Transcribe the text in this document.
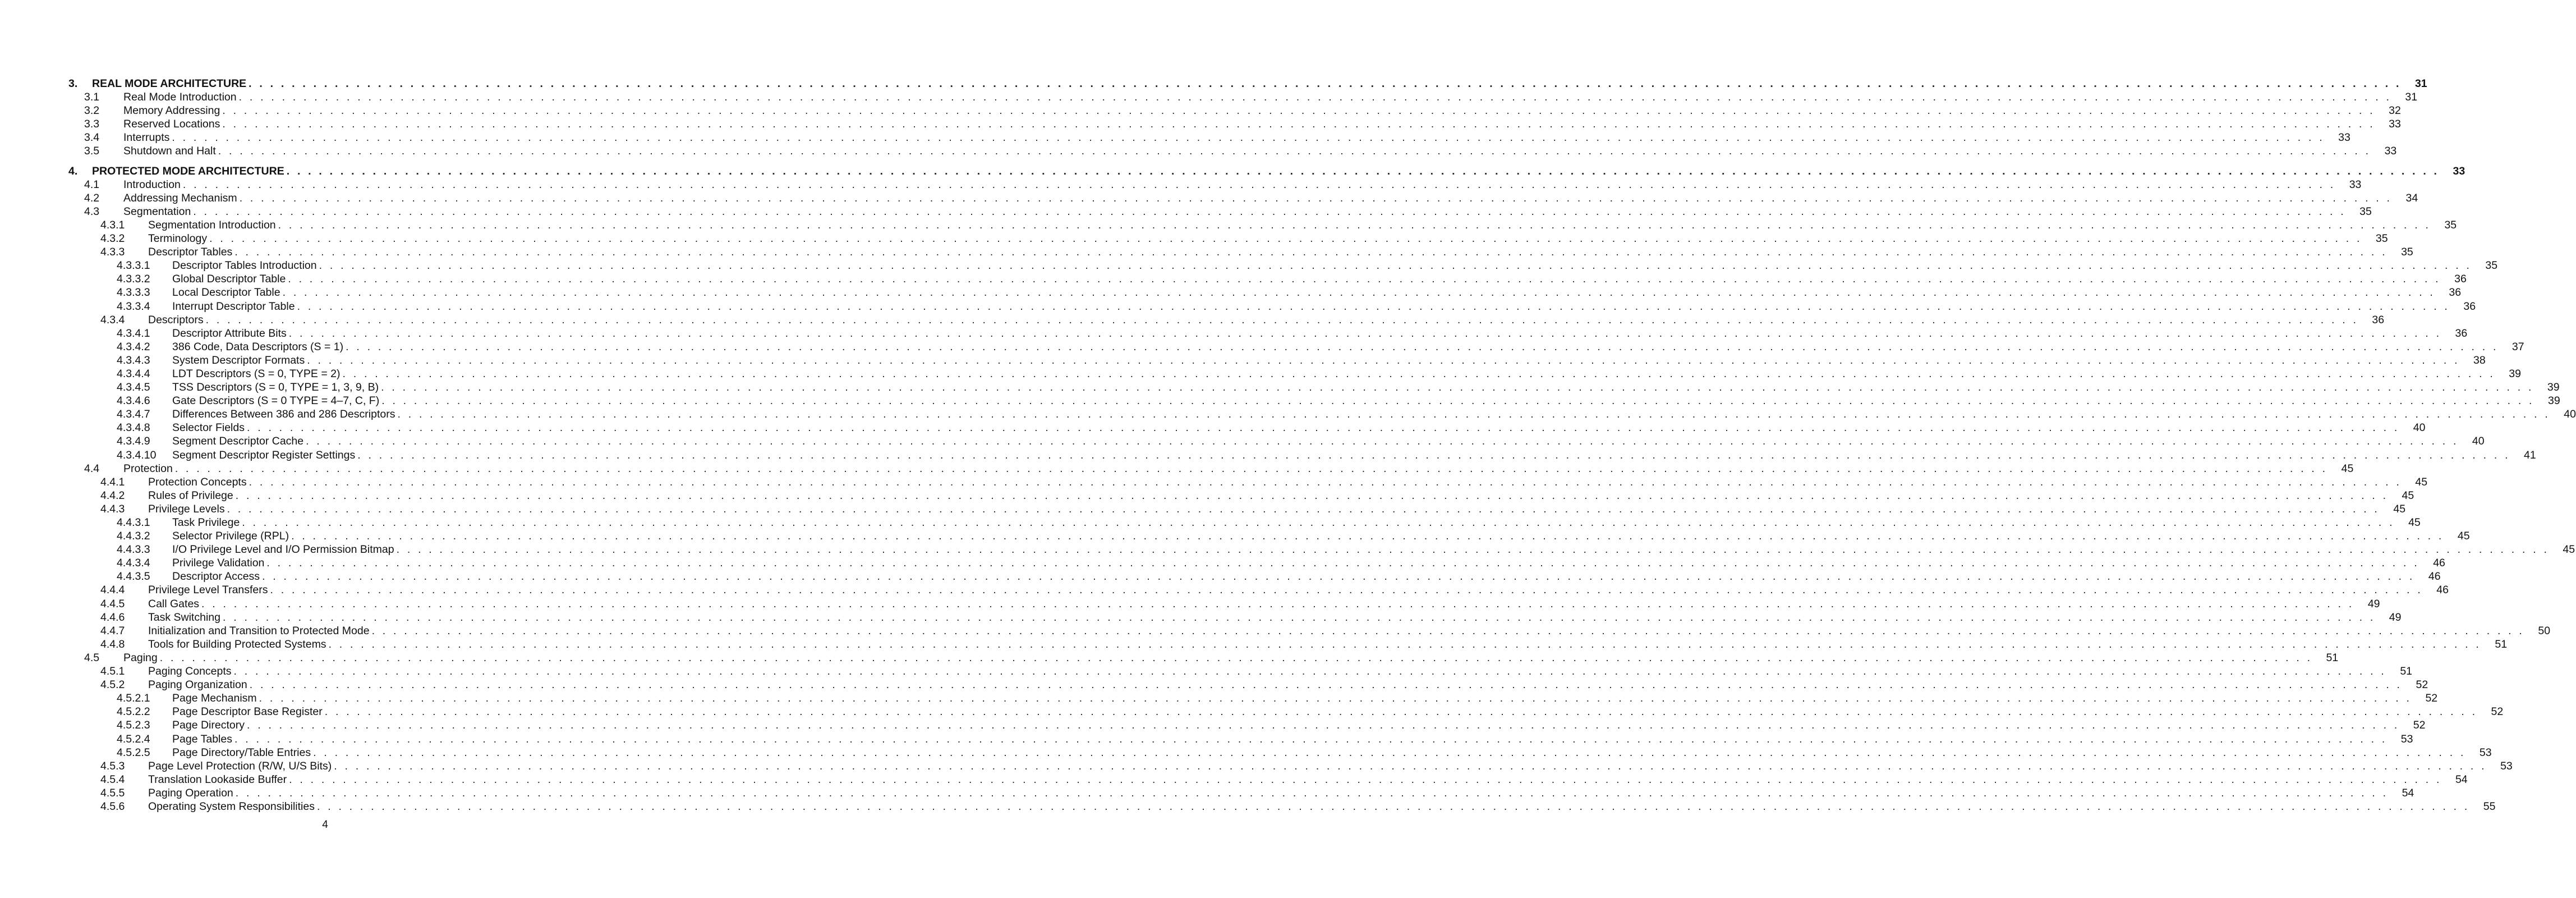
3. REAL MODE ARCHITECTURE . . . . . . . . . . . . . . . . . . . . . . . . . . . . . . . . . . . . . . . . . . . . . . . . . . . . . . . . . . . . . . . . . . . . . . . . . . . . . . . . . . . . . . . . . . . . . . . . . . . . . . . . . . . . . . . . . . . . . . . . . . . . . . . . . . . . . . . . . . . . . . . . . . . . . . . . . . . . . . . . . . . . . . . . . . . . . . . . . . . . . . . . . . . . . . . . . . . . . . . .	31
3.1 Real Mode Introduction . . . . . . . . . . . . . . . . . . . . . . . . . . . . . . . . . . . . . . . . . . . . . . . . . . . . . . . . . . . . . . . . . . . . . . . . . . . . . . . . . . . . . . . . . . . . . . . . . . . . . . . . . . . . . . . . . . . . . . . . . . . . . . . . . . . . . . . . . . . . . . . . . . . . . . . . . . . . . . . . . . . . . . . . . . . . . . . . . . . . . . . . . . . . . . . . . . . . . . . .	31
3.2 Memory Addressing . . . . . . . . . . . . . . . . . . . . . . . . . . . . . . . . . . . . . . . . . . . . . . . . . . . . . . . . . . . . . . . . . . . . . . . . . . . . . . . . . . . . . . . . . . . . . . . . . . . . . . . . . . . . . . . . . . . . . . . . . . . . . . . . . . . . . . . . . . . . . . . . . . . . . . . . . . . . . . . . . . . . . . . . . . . . . . . . . . . . . . . . . . . . . . . . . . . . . . . .	32
3.3 Reserved Locations . . . . . . . . . . . . . . . . . . . . . . . . . . . . . . . . . . . . . . . . . . . . . . . . . . . . . . . . . . . . . . . . . . . . . . . . . . . . . . . . . . . . . . . . . . . . . . . . . . . . . . . . . . . . . . . . . . . . . . . . . . . . . . . . . . . . . . . . . . . . . . . . . . . . . . . . . . . . . . . . . . . . . . . . . . . . . . . . . . . . . . . . . . . . . . . . . . . . . . . .	33
3.4 Interrupts . . . . . . . . . . . . . . . . . . . . . . . . . . . . . . . . . . . . . . . . . . . . . . . . . . . . . . . . . . . . . . . . . . . . . . . . . . . . . . . . . . . . . . . . . . . . . . . . . . . . . . . . . . . . . . . . . . . . . . . . . . . . . . . . . . . . . . . . . . . . . . . . . . . . . . . . . . . . . . . . . . . . . . . . . . . . . . . . . . . . . . . . . . . . . . . . . . . . . . . .	33
3.5 Shutdown and Halt . . . . . . . . . . . . . . . . . . . . . . . . . . . . . . . . . . . . . . . . . . . . . . . . . . . . . . . . . . . . . . . . . . . . . . . . . . . . . . . . . . . . . . . . . . . . . . . . . . . . . . . . . . . . . . . . . . . . . . . . . . . . . . . . . . . . . . . . . . . . . . . . . . . . . . . . . . . . . . . . . . . . . . . . . . . . . . . . . . . . . . . . . . . . . . . . . . . . . . . .	33
4. PROTECTED MODE ARCHITECTURE . . . . . . . . . . . . . . . . . . . . . . . . . . . . . . . . . . . . . . . . . . . . . . . . . . . . . . . . . . . . . . . . . . . . . . . . . . . . . . . . . . . . . . . . . . . . . . . . . . . . . . . . . . . . . . . . . . . . . . . . . . . . . . . . . . . . . . . . . . . . . . . . . . . . . . . . . . . . . . . . . . . . . . . . . . . . . . . . . . . . . . . . . . . . . . . . . . . . . . . .	33
4.1 Introduction . . . . . . . . . . . . . . . . . . . . . . . . . . . . . . . . . . . . . . . . . . . . . . . . . . . . . . . . . . . . . . . . . . . . . . . . . . . . . . . . . . . . . . . . . . . . . . . . . . . . . . . . . . . . . . . . . . . . . . . . . . . . . . . . . . . . . . . . . . . . . . . . . . . . . . . . . . . . . . . . . . . . . . . . . . . . . . . . . . . . . . . . . . . . . . . . . . . . . . . .	33
4.2 Addressing Mechanism . . . . . . . . . . . . . . . . . . . . . . . . . . . . . . . . . . . . . . . . . . . . . . . . . . . . . . . . . . . . . . . . . . . . . . . . . . . . . . . . . . . . . . . . . . . . . . . . . . . . . . . . . . . . . . . . . . . . . . . . . . . . . . . . . . . . . . . . . . . . . . . . . . . . . . . . . . . . . . . . . . . . . . . . . . . . . . . . . . . . . . . . . . . . . . . . . . . . . . . .	34
4.3 Segmentation . . . . . . . . . . . . . . . . . . . . . . . . . . . . . . . . . . . . . . . . . . . . . . . . . . . . . . . . . . . . . . . . . . . . . . . . . . . . . . . . . . . . . . . . . . . . . . . . . . . . . . . . . . . . . . . . . . . . . . . . . . . . . . . . . . . . . . . . . . . . . . . . . . . . . . . . . . . . . . . . . . . . . . . . . . . . . . . . . . . . . . . . . . . . . . . . . . . . . . . .	35
4.3.1 Segmentation Introduction . . . . . . . . . . . . . . . . . . . . . . . . . . . . . . . . . . . . . . . . . . . . . . . . . . . . . . . . . . . . . . . . . . . . . . . . . . . . . . . . . . . . . . . . . . . . . . . . . . . . . . . . . . . . . . . . . . . . . . . . . . . . . . . . . . . . . . . . . . . . . . . . . . . . . . . . . . . . . . . . . . . . . . . . . . . . . . . . . . . . . . . . . . . . . . . . . . . . . . . .	35
4.3.2 Terminology . . . . . . . . . . . . . . . . . . . . . . . . . . . . . . . . . . . . . . . . . . . . . . . . . . . . . . . . . . . . . . . . . . . . . . . . . . . . . . . . . . . . . . . . . . . . . . . . . . . . . . . . . . . . . . . . . . . . . . . . . . . . . . . . . . . . . . . . . . . . . . . . . . . . . . . . . . . . . . . . . . . . . . . . . . . . . . . . . . . . . . . . . . . . . . . . . . . . . . . .	35
4.3.3 Descriptor Tables . . . . . . . . . . . . . . . . . . . . . . . . . . . . . . . . . . . . . . . . . . . . . . . . . . . . . . . . . . . . . . . . . . . . . . . . . . . . . . . . . . . . . . . . . . . . . . . . . . . . . . . . . . . . . . . . . . . . . . . . . . . . . . . . . . . . . . . . . . . . . . . . . . . . . . . . . . . . . . . . . . . . . . . . . . . . . . . . . . . . . . . . . . . . . . . . . . . . . . . .	35
4.3.3.1 Descriptor Tables Introduction . . . . . . . . . . . . . . . . . . . . . . . . . . . . . . . . . . . . . . . . . . . . . . . . . . . . . . . . . . . . . . . . . . . . . . . . . . . . . . . . . . . . . . . . . . . . . . . . . . . . . . . . . . . . . . . . . . . . . . . . . . . . . . . . . . . . . . . . . . . . . . . . . . . . . . . . . . . . . . . . . . . . . . . . . . . . . . . . . . . . . . . . . . . . . . . . . . . . . . . .	35
4.3.3.2 Global Descriptor Table . . . . . . . . . . . . . . . . . . . . . . . . . . . . . . . . . . . . . . . . . . . . . . . . . . . . . . . . . . . . . . . . . . . . . . . . . . . . . . . . . . . . . . . . . . . . . . . . . . . . . . . . . . . . . . . . . . . . . . . . . . . . . . . . . . . . . . . . . . . . . . . . . . . . . . . . . . . . . . . . . . . . . . . . . . . . . . . . . . . . . . . . . . . . . . . . . . . . . . . .	36
4.3.3.3 Local Descriptor Table . . . . . . . . . . . . . . . . . . . . . . . . . . . . . . . . . . . . . . . . . . . . . . . . . . . . . . . . . . . . . . . . . . . . . . . . . . . . . . . . . . . . . . . . . . . . . . . . . . . . . . . . . . . . . . . . . . . . . . . . . . . . . . . . . . . . . . . . . . . . . . . . . . . . . . . . . . . . . . . . . . . . . . . . . . . . . . . . . . . . . . . . . . . . . . . . . . . . . . . .	36
4.3.3.4 Interrupt Descriptor Table . . . . . . . . . . . . . . . . . . . . . . . . . . . . . . . . . . . . . . . . . . . . . . . . . . . . . . . . . . . . . . . . . . . . . . . . . . . . . . . . . . . . . . . . . . . . . . . . . . . . . . . . . . . . . . . . . . . . . . . . . . . . . . . . . . . . . . . . . . . . . . . . . . . . . . . . . . . . . . . . . . . . . . . . . . . . . . . . . . . . . . . . . . . . . . . . . . . . . . . .	36
4.3.4 Descriptors . . . . . . . . . . . . . . . . . . . . . . . . . . . . . . . . . . . . . . . . . . . . . . . . . . . . . . . . . . . . . . . . . . . . . . . . . . . . . . . . . . . . . . . . . . . . . . . . . . . . . . . . . . . . . . . . . . . . . . . . . . . . . . . . . . . . . . . . . . . . . . . . . . . . . . . . . . . . . . . . . . . . . . . . . . . . . . . . . . . . . . . . . . . . . . . . . . . . . . . .	36
4.3.4.1 Descriptor Attribute Bits . . . . . . . . . . . . . . . . . . . . . . . . . . . . . . . . . . . . . . . . . . . . . . . . . . . . . . . . . . . . . . . . . . . . . . . . . . . . . . . . . . . . . . . . . . . . . . . . . . . . . . . . . . . . . . . . . . . . . . . . . . . . . . . . . . . . . . . . . . . . . . . . . . . . . . . . . . . . . . . . . . . . . . . . . . . . . . . . . . . . . . . . . . . . . . . . . . . . . . . .	36
4.3.4.2 386 Code, Data Descriptors (S = 1) . . . . . . . . . . . . . . . . . . . . . . . . . . . . . . . . . . . . . . . . . . . . . . . . . . . . . . . . . . . . . . . . . . . . . . . . . . . . . . . . . . . . . . . . . . . . . . . . . . . . . . . . . . . . . . . . . . . . . . . . . . . . . . . . . . . . . . . . . . . . . . . . . . . . . . . . . . . . . . . . . . . . . . . . . . . . . . . . . . . . . . . . . . . . . . . . . . . . . . . .	37
4.3.4.3 System Descriptor Formats . . . . . . . . . . . . . . . . . . . . . . . . . . . . . . . . . . . . . . . . . . . . . . . . . . . . . . . . . . . . . . . . . . . . . . . . . . . . . . . . . . . . . . . . . . . . . . . . . . . . . . . . . . . . . . . . . . . . . . . . . . . . . . . . . . . . . . . . . . . . . . . . . . . . . . . . . . . . . . . . . . . . . . . . . . . . . . . . . . . . . . . . . . . . . . . . . . . . . . . .	38
4.3.4.4 LDT Descriptors (S = 0, TYPE = 2) . . . . . . . . . . . . . . . . . . . . . . . . . . . . . . . . . . . . . . . . . . . . . . . . . . . . . . . . . . . . . . . . . . . . . . . . . . . . . . . . . . . . . . . . . . . . . . . . . . . . . . . . . . . . . . . . . . . . . . . . . . . . . . . . . . . . . . . . . . . . . . . . . . . . . . . . . . . . . . . . . . . . . . . . . . . . . . . . . . . . . . . . . . . . . . . . . . . . . . . .	39
4.3.4.5 TSS Descriptors (S = 0, TYPE = 1, 3, 9, B) . . . . . . . . . . . . . . . . . . . . . . . . . . . . . . . . . . . . . . . . . . . . . . . . . . . . . . . . . . . . . . . . . . . . . . . . . . . . . . . . . . . . . . . . . . . . . . . . . . . . . . . . . . . . . . . . . . . . . . . . . . . . . . . . . . . . . . . . . . . . . . . . . . . . . . . . . . . . . . . . . . . . . . . . . . . . . . . . . . . . . . . . . . . . . . . . . . . . . . . .	39
4.3.4.6 Gate Descriptors (S = 0 TYPE = 4–7, C, F) . . . . . . . . . . . . . . . . . . . . . . . . . . . . . . . . . . . . . . . . . . . . . . . . . . . . . . . . . . . . . . . . . . . . . . . . . . . . . . . . . . . . . . . . . . . . . . . . . . . . . . . . . . . . . . . . . . . . . . . . . . . . . . . . . . . . . . . . . . . . . . . . . . . . . . . . . . . . . . . . . . . . . . . . . . . . . . . . . . . . . . . . . . . . . . . . . . . . . . . .	39
4.3.4.7 Differences Between 386 and 286 Descriptors . . . . . . . . . . . . . . . . . . . . . . . . . . . . . . . . . . . . . . . . . . . . . . . . . . . . . . . . . . . . . . . . . . . . . . . . . . . . . . . . . . . . . . . . . . . . . . . . . . . . . . . . . . . . . . . . . . . . . . . . . . . . . . . . . . . . . . . . . . . . . . . . . . . . . . . . . . . . . . . . . . . . . . . . . . . . . . . . . . . . . . . . . . . . . . . . . . . . . . . .	40
4.3.4.8 Selector Fields . . . . . . . . . . . . . . . . . . . . . . . . . . . . . . . . . . . . . . . . . . . . . . . . . . . . . . . . . . . . . . . . . . . . . . . . . . . . . . . . . . . . . . . . . . . . . . . . . . . . . . . . . . . . . . . . . . . . . . . . . . . . . . . . . . . . . . . . . . . . . . . . . . . . . . . . . . . . . . . . . . . . . . . . . . . . . . . . . . . . . . . . . . . . . . . . . . . . . . . .	40
4.3.4.9 Segment Descriptor Cache . . . . . . . . . . . . . . . . . . . . . . . . . . . . . . . . . . . . . . . . . . . . . . . . . . . . . . . . . . . . . . . . . . . . . . . . . . . . . . . . . . . . . . . . . . . . . . . . . . . . . . . . . . . . . . . . . . . . . . . . . . . . . . . . . . . . . . . . . . . . . . . . . . . . . . . . . . . . . . . . . . . . . . . . . . . . . . . . . . . . . . . . . . . . . . . . . . . . . . . .	40
4.3.4.10 Segment Descriptor Register Settings . . . . . . . . . . . . . . . . . . . . . . . . . . . . . . . . . . . . . . . . . . . . . . . . . . . . . . . . . . . . . . . . . . . . . . . . . . . . . . . . . . . . . . . . . . . . . . . . . . . . . . . . . . . . . . . . . . . . . . . . . . . . . . . . . . . . . . . . . . . . . . . . . . . . . . . . . . . . . . . . . . . . . . . . . . . . . . . . . . . . . . . . . . . . . . . . . . . . . . . .	41
4.4 Protection . . . . . . . . . . . . . . . . . . . . . . . . . . . . . . . . . . . . . . . . . . . . . . . . . . . . . . . . . . . . . . . . . . . . . . . . . . . . . . . . . . . . . . . . . . . . . . . . . . . . . . . . . . . . . . . . . . . . . . . . . . . . . . . . . . . . . . . . . . . . . . . . . . . . . . . . . . . . . . . . . . . . . . . . . . . . . . . . . . . . . . . . . . . . . . . . . . . . . . . .	45
4.4.1 Protection Concepts . . . . . . . . . . . . . . . . . . . . . . . . . . . . . . . . . . . . . . . . . . . . . . . . . . . . . . . . . . . . . . . . . . . . . . . . . . . . . . . . . . . . . . . . . . . . . . . . . . . . . . . . . . . . . . . . . . . . . . . . . . . . . . . . . . . . . . . . . . . . . . . . . . . . . . . . . . . . . . . . . . . . . . . . . . . . . . . . . . . . . . . . . . . . . . . . . . . . . . . .	45
4.4.2 Rules of Privilege . . . . . . . . . . . . . . . . . . . . . . . . . . . . . . . . . . . . . . . . . . . . . . . . . . . . . . . . . . . . . . . . . . . . . . . . . . . . . . . . . . . . . . . . . . . . . . . . . . . . . . . . . . . . . . . . . . . . . . . . . . . . . . . . . . . . . . . . . . . . . . . . . . . . . . . . . . . . . . . . . . . . . . . . . . . . . . . . . . . . . . . . . . . . . . . . . . . . . . . .	45
4.4.3 Privilege Levels . . . . . . . . . . . . . . . . . . . . . . . . . . . . . . . . . . . . . . . . . . . . . . . . . . . . . . . . . . . . . . . . . . . . . . . . . . . . . . . . . . . . . . . . . . . . . . . . . . . . . . . . . . . . . . . . . . . . . . . . . . . . . . . . . . . . . . . . . . . . . . . . . . . . . . . . . . . . . . . . . . . . . . . . . . . . . . . . . . . . . . . . . . . . . . . . . . . . . . . .	45
4.4.3.1 Task Privilege . . . . . . . . . . . . . . . . . . . . . . . . . . . . . . . . . . . . . . . . . . . . . . . . . . . . . . . . . . . . . . . . . . . . . . . . . . . . . . . . . . . . . . . . . . . . . . . . . . . . . . . . . . . . . . . . . . . . . . . . . . . . . . . . . . . . . . . . . . . . . . . . . . . . . . . . . . . . . . . . . . . . . . . . . . . . . . . . . . . . . . . . . . . . . . . . . . . . . . . .	45
4.4.3.2 Selector Privilege (RPL) . . . . . . . . . . . . . . . . . . . . . . . . . . . . . . . . . . . . . . . . . . . . . . . . . . . . . . . . . . . . . . . . . . . . . . . . . . . . . . . . . . . . . . . . . . . . . . . . . . . . . . . . . . . . . . . . . . . . . . . . . . . . . . . . . . . . . . . . . . . . . . . . . . . . . . . . . . . . . . . . . . . . . . . . . . . . . . . . . . . . . . . . . . . . . . . . . . . . . . . .	45
4.4.3.3 I/O Privilege Level and I/O Permission Bitmap . . . . . . . . . . . . . . . . . . . . . . . . . . . . . . . . . . . . . . . . . . . . . . . . . . . . . . . . . . . . . . . . . . . . . . . . . . . . . . . . . . . . . . . . . . . . . . . . . . . . . . . . . . . . . . . . . . . . . . . . . . . . . . . . . . . . . . . . . . . . . . . . . . . . . . . . . . . . . . . . . . . . . . . . . . . . . . . . . . . . . . . . . . . . . . . . . . . . . . . .	45
4.4.3.4 Privilege Validation . . . . . . . . . . . . . . . . . . . . . . . . . . . . . . . . . . . . . . . . . . . . . . . . . . . . . . . . . . . . . . . . . . . . . . . . . . . . . . . . . . . . . . . . . . . . . . . . . . . . . . . . . . . . . . . . . . . . . . . . . . . . . . . . . . . . . . . . . . . . . . . . . . . . . . . . . . . . . . . . . . . . . . . . . . . . . . . . . . . . . . . . . . . . . . . . . . . . . . . .	46
4.4.3.5 Descriptor Access . . . . . . . . . . . . . . . . . . . . . . . . . . . . . . . . . . . . . . . . . . . . . . . . . . . . . . . . . . . . . . . . . . . . . . . . . . . . . . . . . . . . . . . . . . . . . . . . . . . . . . . . . . . . . . . . . . . . . . . . . . . . . . . . . . . . . . . . . . . . . . . . . . . . . . . . . . . . . . . . . . . . . . . . . . . . . . . . . . . . . . . . . . . . . . . . . . . . . . . .	46
4.4.4 Privilege Level Transfers . . . . . . . . . . . . . . . . . . . . . . . . . . . . . . . . . . . . . . . . . . . . . . . . . . . . . . . . . . . . . . . . . . . . . . . . . . . . . . . . . . . . . . . . . . . . . . . . . . . . . . . . . . . . . . . . . . . . . . . . . . . . . . . . . . . . . . . . . . . . . . . . . . . . . . . . . . . . . . . . . . . . . . . . . . . . . . . . . . . . . . . . . . . . . . . . . . . . . . . .	46
4.4.5 Call Gates . . . . . . . . . . . . . . . . . . . . . . . . . . . . . . . . . . . . . . . . . . . . . . . . . . . . . . . . . . . . . . . . . . . . . . . . . . . . . . . . . . . . . . . . . . . . . . . . . . . . . . . . . . . . . . . . . . . . . . . . . . . . . . . . . . . . . . . . . . . . . . . . . . . . . . . . . . . . . . . . . . . . . . . . . . . . . . . . . . . . . . . . . . . . . . . . . . . . . . . .	49
4.4.6 Task Switching . . . . . . . . . . . . . . . . . . . . . . . . . . . . . . . . . . . . . . . . . . . . . . . . . . . . . . . . . . . . . . . . . . . . . . . . . . . . . . . . . . . . . . . . . . . . . . . . . . . . . . . . . . . . . . . . . . . . . . . . . . . . . . . . . . . . . . . . . . . . . . . . . . . . . . . . . . . . . . . . . . . . . . . . . . . . . . . . . . . . . . . . . . . . . . . . . . . . . . . .	49
4.4.7 Initialization and Transition to Protected Mode . . . . . . . . . . . . . . . . . . . . . . . . . . . . . . . . . . . . . . . . . . . . . . . . . . . . . . . . . . . . . . . . . . . . . . . . . . . . . . . . . . . . . . . . . . . . . . . . . . . . . . . . . . . . . . . . . . . . . . . . . . . . . . . . . . . . . . . . . . . . . . . . . . . . . . . . . . . . . . . . . . . . . . . . . . . . . . . . . . . . . . . . . . . . . . . . . . . . . . . .	50
4.4.8 Tools for Building Protected Systems . . . . . . . . . . . . . . . . . . . . . . . . . . . . . . . . . . . . . . . . . . . . . . . . . . . . . . . . . . . . . . . . . . . . . . . . . . . . . . . . . . . . . . . . . . . . . . . . . . . . . . . . . . . . . . . . . . . . . . . . . . . . . . . . . . . . . . . . . . . . . . . . . . . . . . . . . . . . . . . . . . . . . . . . . . . . . . . . . . . . . . . . . . . . . . . . . . . . . . . .	51
4.5 Paging . . . . . . . . . . . . . . . . . . . . . . . . . . . . . . . . . . . . . . . . . . . . . . . . . . . . . . . . . . . . . . . . . . . . . . . . . . . . . . . . . . . . . . . . . . . . . . . . . . . . . . . . . . . . . . . . . . . . . . . . . . . . . . . . . . . . . . . . . . . . . . . . . . . . . . . . . . . . . . . . . . . . . . . . . . . . . . . . . . . . . . . . . . . . . . . . . . . . . . . .	51
4.5.1 Paging Concepts . . . . . . . . . . . . . . . . . . . . . . . . . . . . . . . . . . . . . . . . . . . . . . . . . . . . . . . . . . . . . . . . . . . . . . . . . . . . . . . . . . . . . . . . . . . . . . . . . . . . . . . . . . . . . . . . . . . . . . . . . . . . . . . . . . . . . . . . . . . . . . . . . . . . . . . . . . . . . . . . . . . . . . . . . . . . . . . . . . . . . . . . . . . . . . . . . . . . . . . .	51
4.5.2 Paging Organization . . . . . . . . . . . . . . . . . . . . . . . . . . . . . . . . . . . . . . . . . . . . . . . . . . . . . . . . . . . . . . . . . . . . . . . . . . . . . . . . . . . . . . . . . . . . . . . . . . . . . . . . . . . . . . . . . . . . . . . . . . . . . . . . . . . . . . . . . . . . . . . . . . . . . . . . . . . . . . . . . . . . . . . . . . . . . . . . . . . . . . . . . . . . . . . . . . . . . . . .	52
4.5.2.1 Page Mechanism . . . . . . . . . . . . . . . . . . . . . . . . . . . . . . . . . . . . . . . . . . . . . . . . . . . . . . . . . . . . . . . . . . . . . . . . . . . . . . . . . . . . . . . . . . . . . . . . . . . . . . . . . . . . . . . . . . . . . . . . . . . . . . . . . . . . . . . . . . . . . . . . . . . . . . . . . . . . . . . . . . . . . . . . . . . . . . . . . . . . . . . . . . . . . . . . . . . . . . . .	52
4.5.2.2 Page Descriptor Base Register . . . . . . . . . . . . . . . . . . . . . . . . . . . . . . . . . . . . . . . . . . . . . . . . . . . . . . . . . . . . . . . . . . . . . . . . . . . . . . . . . . . . . . . . . . . . . . . . . . . . . . . . . . . . . . . . . . . . . . . . . . . . . . . . . . . . . . . . . . . . . . . . . . . . . . . . . . . . . . . . . . . . . . . . . . . . . . . . . . . . . . . . . . . . . . . . . . . . . . . .	52
4.5.2.3 Page Directory . . . . . . . . . . . . . . . . . . . . . . . . . . . . . . . . . . . . . . . . . . . . . . . . . . . . . . . . . . . . . . . . . . . . . . . . . . . . . . . . . . . . . . . . . . . . . . . . . . . . . . . . . . . . . . . . . . . . . . . . . . . . . . . . . . . . . . . . . . . . . . . . . . . . . . . . . . . . . . . . . . . . . . . . . . . . . . . . . . . . . . . . . . . . . . . . . . . . . . . .	52
4.5.2.4 Page Tables . . . . . . . . . . . . . . . . . . . . . . . . . . . . . . . . . . . . . . . . . . . . . . . . . . . . . . . . . . . . . . . . . . . . . . . . . . . . . . . . . . . . . . . . . . . . . . . . . . . . . . . . . . . . . . . . . . . . . . . . . . . . . . . . . . . . . . . . . . . . . . . . . . . . . . . . . . . . . . . . . . . . . . . . . . . . . . . . . . . . . . . . . . . . . . . . . . . . . . . .	53
4.5.2.5 Page Directory/Table Entries . . . . . . . . . . . . . . . . . . . . . . . . . . . . . . . . . . . . . . . . . . . . . . . . . . . . . . . . . . . . . . . . . . . . . . . . . . . . . . . . . . . . . . . . . . . . . . . . . . . . . . . . . . . . . . . . . . . . . . . . . . . . . . . . . . . . . . . . . . . . . . . . . . . . . . . . . . . . . . . . . . . . . . . . . . . . . . . . . . . . . . . . . . . . . . . . . . . . . . . .	53
4.5.3 Page Level Protection (R/W, U/S Bits) . . . . . . . . . . . . . . . . . . . . . . . . . . . . . . . . . . . . . . . . . . . . . . . . . . . . . . . . . . . . . . . . . . . . . . . . . . . . . . . . . . . . . . . . . . . . . . . . . . . . . . . . . . . . . . . . . . . . . . . . . . . . . . . . . . . . . . . . . . . . . . . . . . . . . . . . . . . . . . . . . . . . . . . . . . . . . . . . . . . . . . . . . . . . . . . . . . . . . . . .	53
4.5.4 Translation Lookaside Buffer . . . . . . . . . . . . . . . . . . . . . . . . . . . . . . . . . . . . . . . . . . . . . . . . . . . . . . . . . . . . . . . . . . . . . . . . . . . . . . . . . . . . . . . . . . . . . . . . . . . . . . . . . . . . . . . . . . . . . . . . . . . . . . . . . . . . . . . . . . . . . . . . . . . . . . . . . . . . . . . . . . . . . . . . . . . . . . . . . . . . . . . . . . . . . . . . . . . . . . . .	54
4.5.5 Paging Operation . . . . . . . . . . . . . . . . . . . . . . . . . . . . . . . . . . . . . . . . . . . . . . . . . . . . . . . . . . . . . . . . . . . . . . . . . . . . . . . . . . . . . . . . . . . . . . . . . . . . . . . . . . . . . . . . . . . . . . . . . . . . . . . . . . . . . . . . . . . . . . . . . . . . . . . . . . . . . . . . . . . . . . . . . . . . . . . . . . . . . . . . . . . . . . . . . . . . . . . .	54
4.5.6 Operating System Responsibilities . . . . . . . . . . . . . . . . . . . . . . . . . . . . . . . . . . . . . . . . . . . . . . . . . . . . . . . . . . . . . . . . . . . . . . . . . . . . . . . . . . . . . . . . . . . . . . . . . . . . . . . . . . . . . . . . . . . . . . . . . . . . . . . . . . . . . . . . . . . . . . . . . . . . . . . . . . . . . . . . . . . . . . . . . . . . . . . . . . . . . . . . . . . . . . . . . . . . . . . .	55
4
